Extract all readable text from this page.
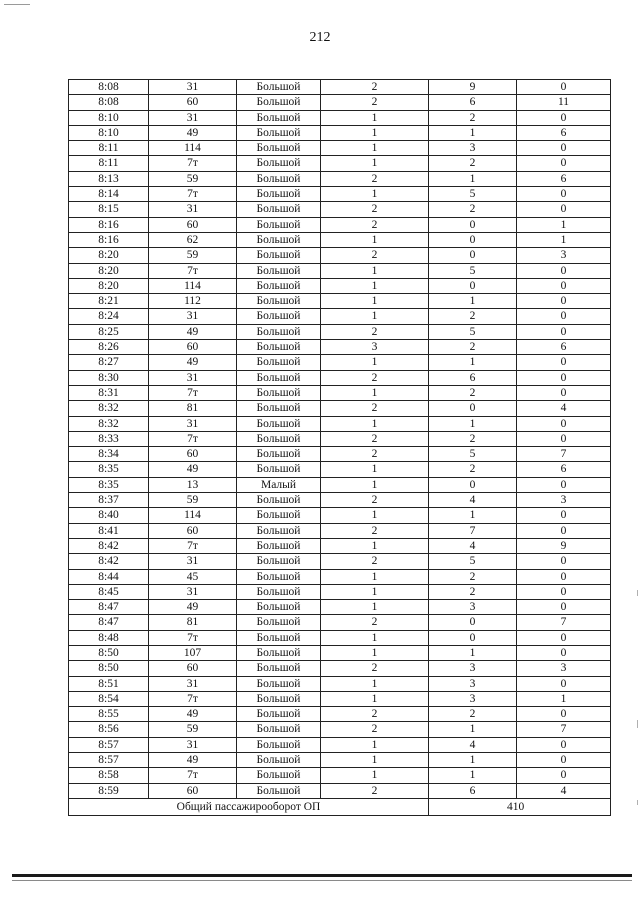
212
8:08	31	Большой	2	9	0
8:08	60	Большой	2	6	11
8:10	31	Большой	1	2	0
8:10	49	Большой	1	1	6
8:11	114	Большой	1	3	0
8:11	7т	Большой	1	2	0
8:13	59	Большой	2	1	6
8:14	7т	Большой	1	5	0
8:15	31	Большой	2	2	0
8:16	60	Большой	2	0	1
8:16	62	Большой	1	0	1
8:20	59	Большой	2	0	3
8:20	7т	Большой	1	5	0
8:20	114	Большой	1	0	0
8:21	112	Большой	1	1	0
8:24	31	Большой	1	2	0
8:25	49	Большой	2	5	0
8:26	60	Большой	3	2	6
8:27	49	Большой	1	1	0
8:30	31	Большой	2	6	0
8:31	7т	Большой	1	2	0
8:32	81	Большой	2	0	4
8:32	31	Большой	1	1	0
8:33	7т	Большой	2	2	0
8:34	60	Большой	2	5	7
8:35	49	Большой	1	2	6
8:35	13	Малый	1	0	0
8:37	59	Большой	2	4	3
8:40	114	Большой	1	1	0
8:41	60	Большой	2	7	0
8:42	7т	Большой	1	4	9
8:42	31	Большой	2	5	0
8:44	45	Большой	1	2	0
8:45	31	Большой	1	2	0
8:47	49	Большой	1	3	0
8:47	81	Большой	2	0	7
8:48	7т	Большой	1	0	0
8:50	107	Большой	1	1	0
8:50	60	Большой	2	3	3
8:51	31	Большой	1	3	0
8:54	7т	Большой	1	3	1
8:55	49	Большой	2	2	0
8:56	59	Большой	2	1	7
8:57	31	Большой	1	4	0
8:57	49	Большой	1	1	0
8:58	7т	Большой	1	1	0
8:59	60	Большой	2	6	4
Общий пассажирооборот ОП				410	
